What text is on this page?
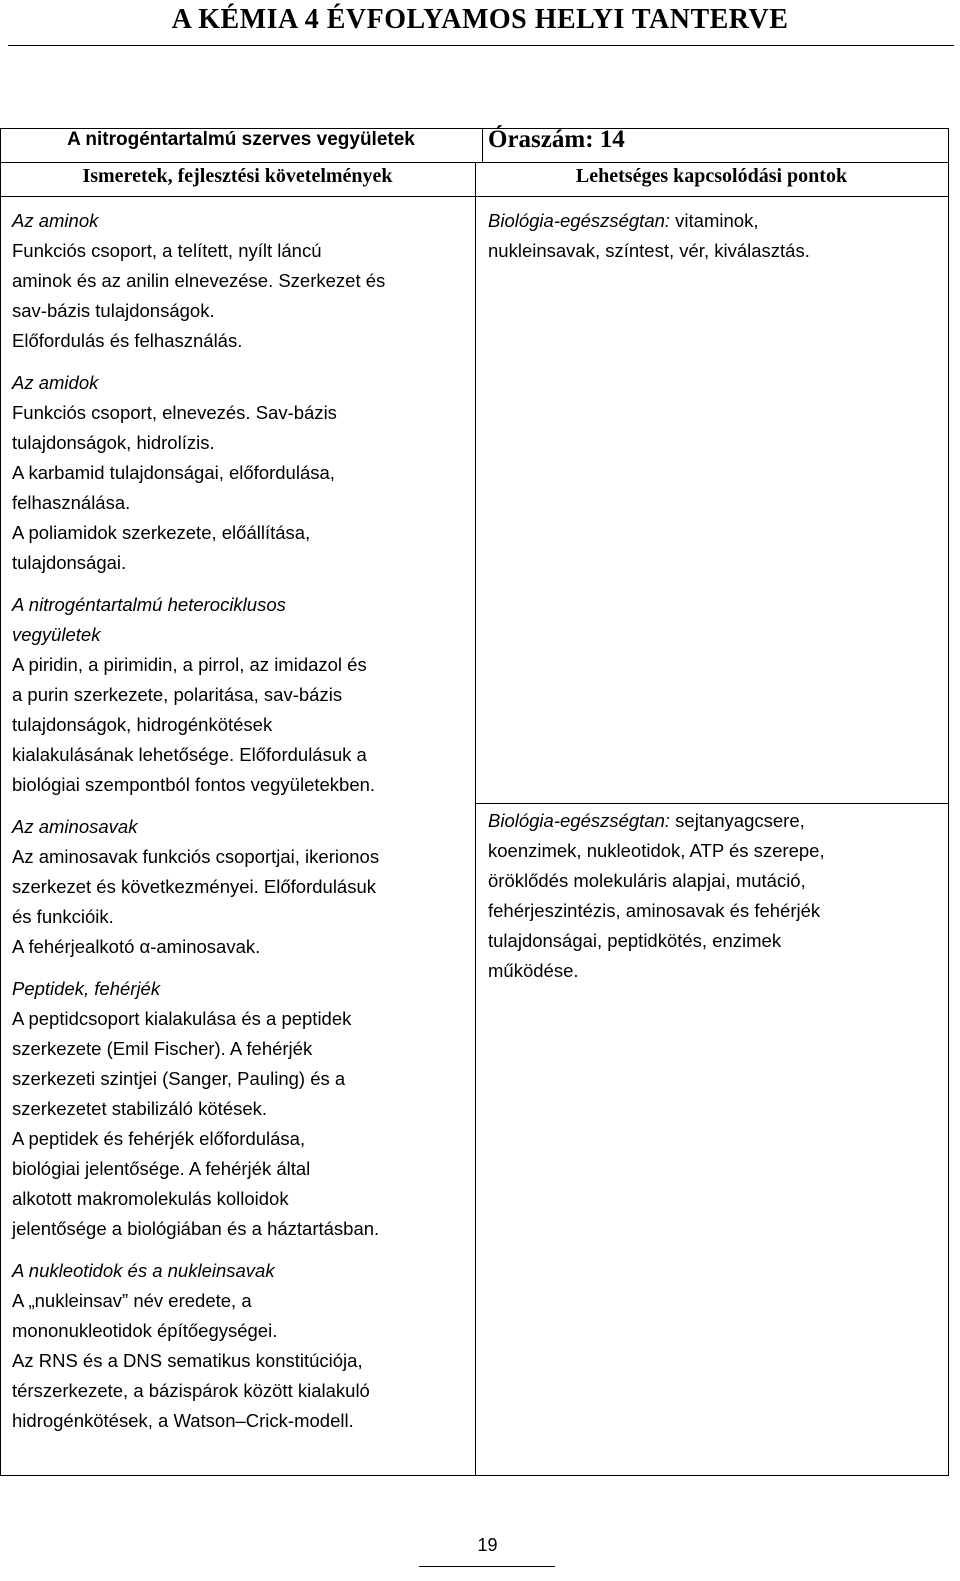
A KÉMIA 4 ÉVFOLYAMOS HELYI TANTERVE
A nitrogéntartalmú szerves vegyületek	Óraszám: 14
Ismeretek, fejlesztési követelmények	Lehetséges kapcsolódási pontok
Az aminok
Funkciós csoport, a telített, nyílt láncú
aminok és az anilin elnevezése. Szerkezet és
sav-bázis tulajdonságok.
Előfordulás és felhasználás.
Az amidok
Funkciós csoport, elnevezés. Sav-bázis
tulajdonságok, hidrolízis.
A karbamid tulajdonságai, előfordulása,
felhasználása.
A poliamidok szerkezete, előállítása,
tulajdonságai.
A nitrogéntartalmú heterociklusos
vegyületek
A piridin, a pirimidin, a pirrol, az imidazol és
a purin szerkezete, polaritása, sav-bázis
tulajdonságok, hidrogénkötések
kialakulásának lehetősége. Előfordulásuk a
biológiai szempontból fontos vegyületekben.
Az aminosavak
Az aminosavak funkciós csoportjai, ikerionos
szerkezet és következményei. Előfordulásuk
és funkcióik.
A fehérjealkotó α-aminosavak.
Peptidek, fehérjék
A peptidcsoport kialakulása és a peptidek
szerkezete (Emil Fischer). A fehérjék
szerkezeti szintjei (Sanger, Pauling) és a
szerkezetet stabilizáló kötések.
A peptidek és fehérjék előfordulása,
biológiai jelentősége. A fehérjék által
alkotott makromolekulás kolloidok
jelentősége a biológiában és a háztartásban.
A nukleotidok és a nukleinsavak
A „nukleinsav” név eredete, a
mononukleotidok építőegységei.
Az RNS és a DNS sematikus konstitúciója,
térszerkezete, a bázispárok között kialakuló
hidrogénkötések, a Watson–Crick-modell.
Biológia-egészségtan: vitaminok,
nukleinsavak, színtest, vér, kiválasztás.
Biológia-egészségtan: sejtanyagcsere,
koenzimek, nukleotidok, ATP és szerepe,
öröklődés molekuláris alapjai, mutáció,
fehérjeszintézis, aminosavak és fehérjék
tulajdonságai, peptidkötés, enzimek
működése.
19
